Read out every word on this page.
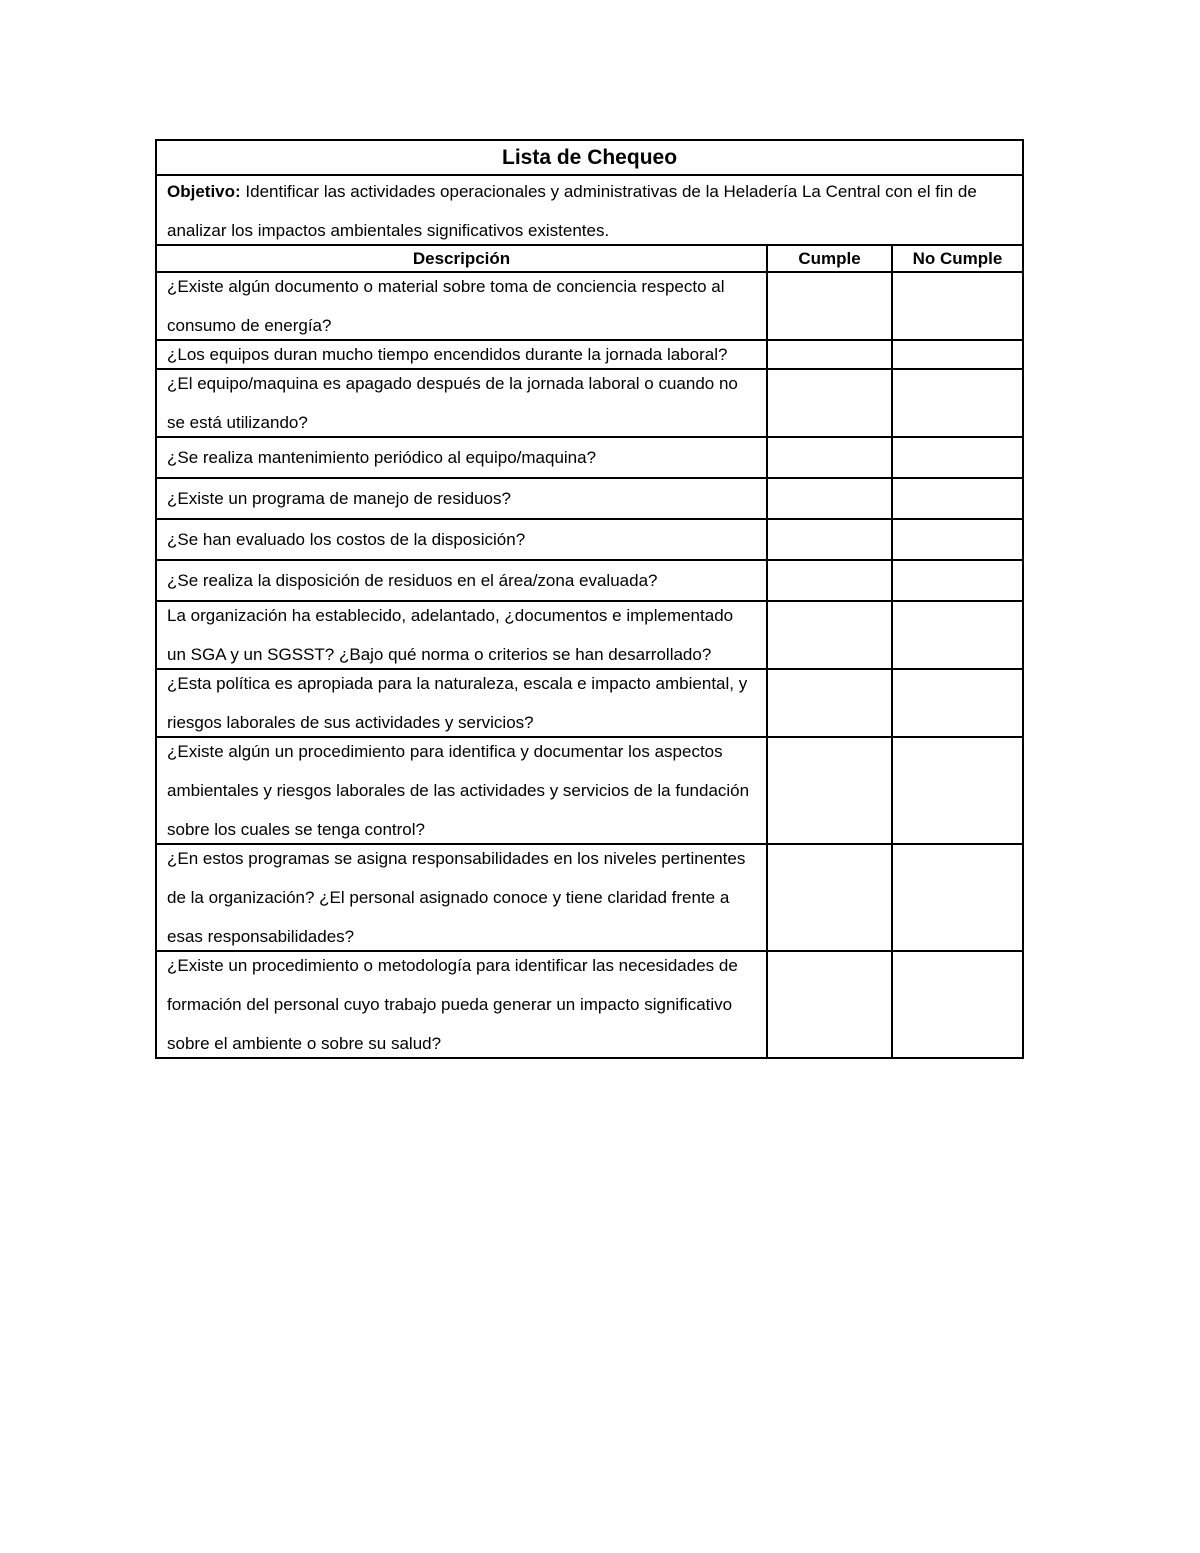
Lista de Chequeo		

Objetivo: Identificar las actividades operacionales y administrativas de la Heladería La Central con el fin de analizar los impactos ambientales significativos existentes.		

Descripción	Cumple	No Cumple

¿Existe algún documento o material sobre toma de conciencia respecto al consumo de energía?		

¿Los equipos duran mucho tiempo encendidos durante la jornada laboral?		

¿El equipo/maquina es apagado después de la jornada laboral o cuando no se está utilizando?		

¿Se realiza mantenimiento periódico al equipo/maquina?		

¿Existe un programa de manejo de residuos?		

¿Se han evaluado los costos de la disposición?		

¿Se realiza la disposición de residuos en el área/zona evaluada?		

La organización ha establecido, adelantado, ¿documentos e implementado un SGA y un SGSST? ¿Bajo qué norma o criterios se han desarrollado?		

¿Esta política es apropiada para la naturaleza, escala e impacto ambiental, y riesgos laborales de sus actividades y servicios?		

¿Existe algún un procedimiento para identifica y documentar los aspectos ambientales y riesgos laborales de las actividades y servicios de la fundación sobre los cuales se tenga control?		

¿En estos programas se asigna responsabilidades en los niveles pertinentes de la organización? ¿El personal asignado conoce y tiene claridad frente a esas responsabilidades?		

¿Existe un procedimiento o metodología para identificar las necesidades de formación del personal cuyo trabajo pueda generar un impacto significativo sobre el ambiente o sobre su salud?		
